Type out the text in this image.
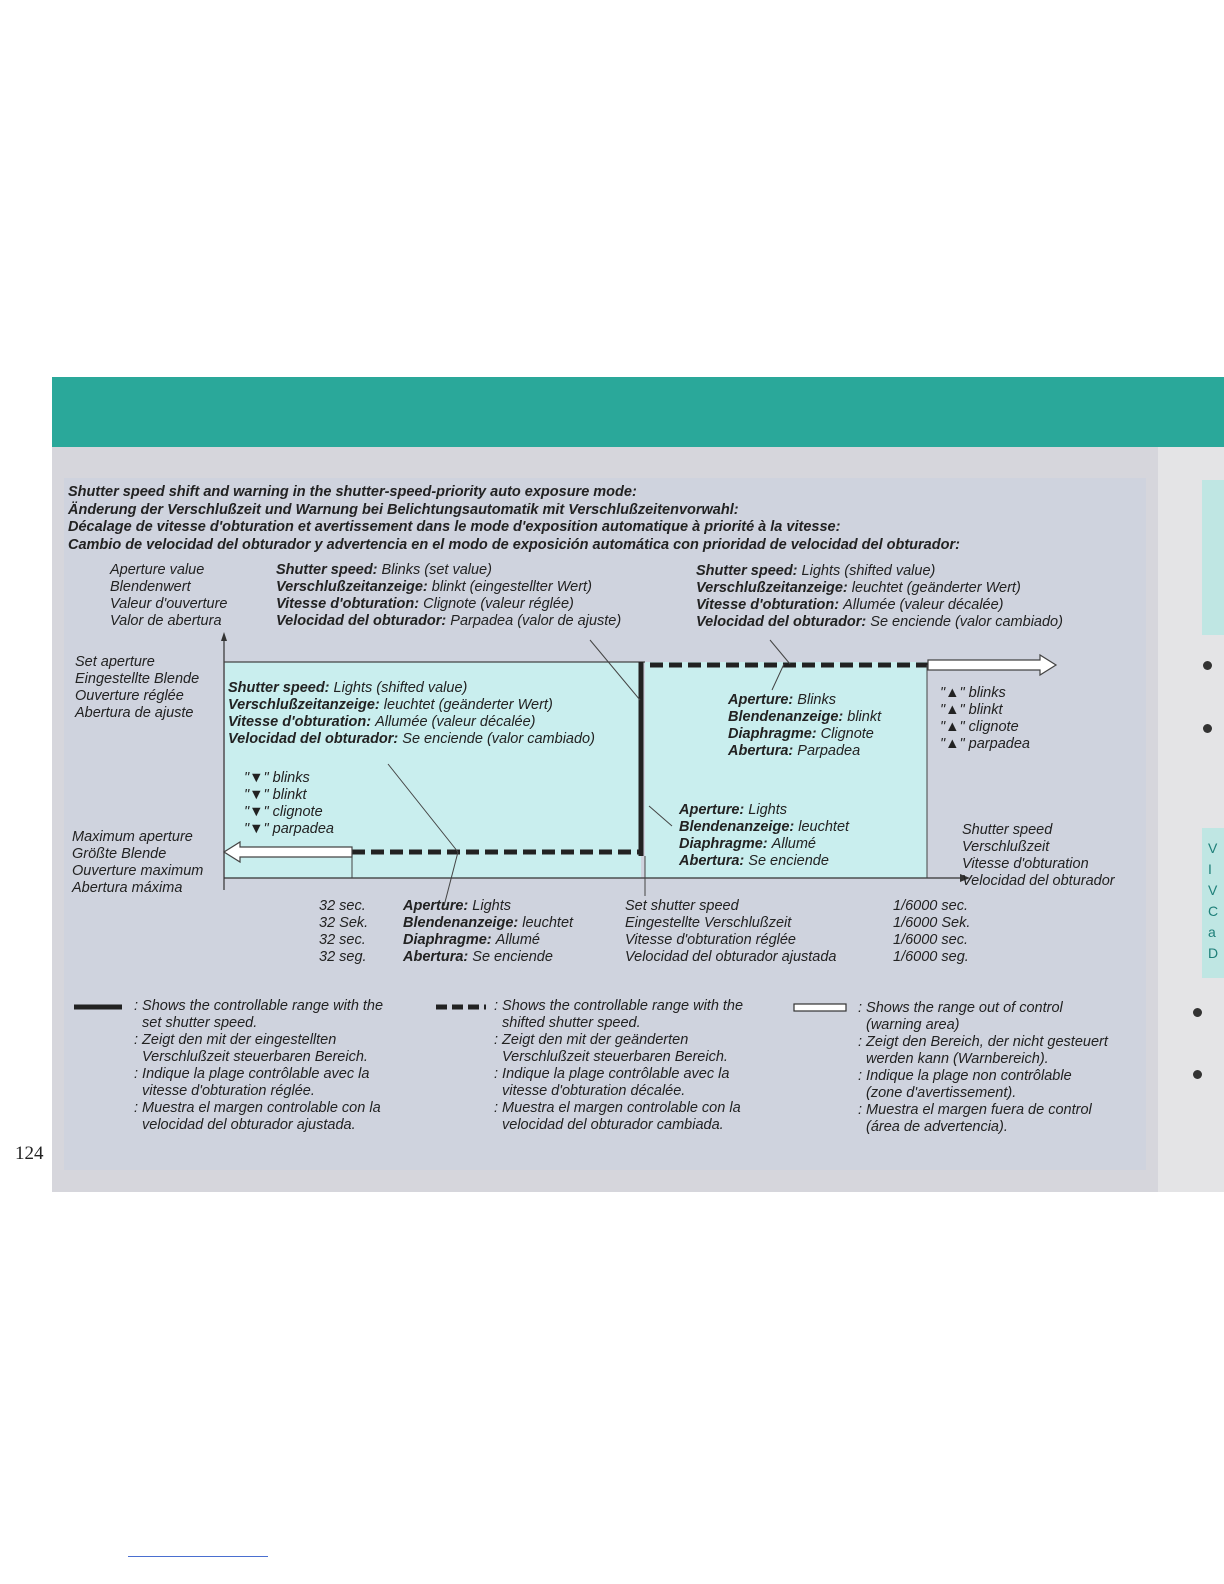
V
I
V
C
a
D
Shutter speed shift and warning in the shutter-speed-priority auto exposure mode:
Änderung der Verschlußzeit und Warnung bei Belichtungsautomatik mit Verschlußzeitenvorwahl:
Décalage de vitesse d'obturation et avertissement dans le mode d'exposition automatique à priorité à la vitesse:
Cambio de velocidad del obturador y advertencia en el modo de exposición automática con prioridad de velocidad del obturador:
Aperture value
Blendenwert
Valeur d'ouverture
Valor de abertura
Set aperture
Eingestellte Blende
Ouverture réglée
Abertura de ajuste
Maximum aperture
Größte Blende
Ouverture maximum
Abertura máxima
Shutter speed: Blinks (set value)
Verschlußzeitanzeige: blinkt (eingestellter Wert)
Vitesse d'obturation: Clignote (valeur réglée)
Velocidad del obturador: Parpadea (valor de ajuste)
Shutter speed: Lights (shifted value)
Verschlußzeitanzeige: leuchtet (geänderter Wert)
Vitesse d'obturation: Allumée (valeur décalée)
Velocidad del obturador: Se enciende (valor cambiado)
Shutter speed: Lights (shifted value)
Verschlußzeitanzeige: leuchtet (geänderter Wert)
Vitesse d'obturation: Allumée (valeur décalée)
Velocidad del obturador: Se enciende (valor cambiado)
"▼" blinks
"▼" blinkt
"▼" clignote
"▼" parpadea
Aperture: Blinks
Blendenanzeige: blinkt
Diaphragme: Clignote
Abertura: Parpadea
"▲" blinks
"▲" blinkt
"▲" clignote
"▲" parpadea
Aperture: Lights
Blendenanzeige: leuchtet
Diaphragme: Allumé
Abertura: Se enciende
Shutter speed
Verschlußzeit
Vitesse d'obturation
Velocidad del obturador
32 sec.
32 Sek.
32 sec.
32 seg.
Aperture: Lights
Blendenanzeige: leuchtet
Diaphragme: Allumé
Abertura: Se enciende
Set shutter speed
Eingestellte Verschlußzeit
Vitesse d'obturation réglée
Velocidad del obturador ajustada
1/6000 sec.
1/6000 Sek.
1/6000 sec.
1/6000 seg.
: Shows the controllable range with the
set shutter speed.
: Zeigt den mit der eingestellten
Verschlußzeit steuerbaren Bereich.
: Indique la plage contrôlable avec la
vitesse d'obturation réglée.
: Muestra el margen controlable con la
velocidad del obturador ajustada.
: Shows the controllable range with the
shifted shutter speed.
: Zeigt den mit der geänderten
Verschlußzeit steuerbaren Bereich.
: Indique la plage contrôlable avec la
vitesse d'obturation décalée.
: Muestra el margen controlable con la
velocidad del obturador cambiada.
: Shows the range out of control
(warning area)
: Zeigt den Bereich, der nicht gesteuert
werden kann (Warnbereich).
: Indique la plage non contrôlable
(zone d'avertissement).
: Muestra el margen fuera de control
(área de advertencia).
124
